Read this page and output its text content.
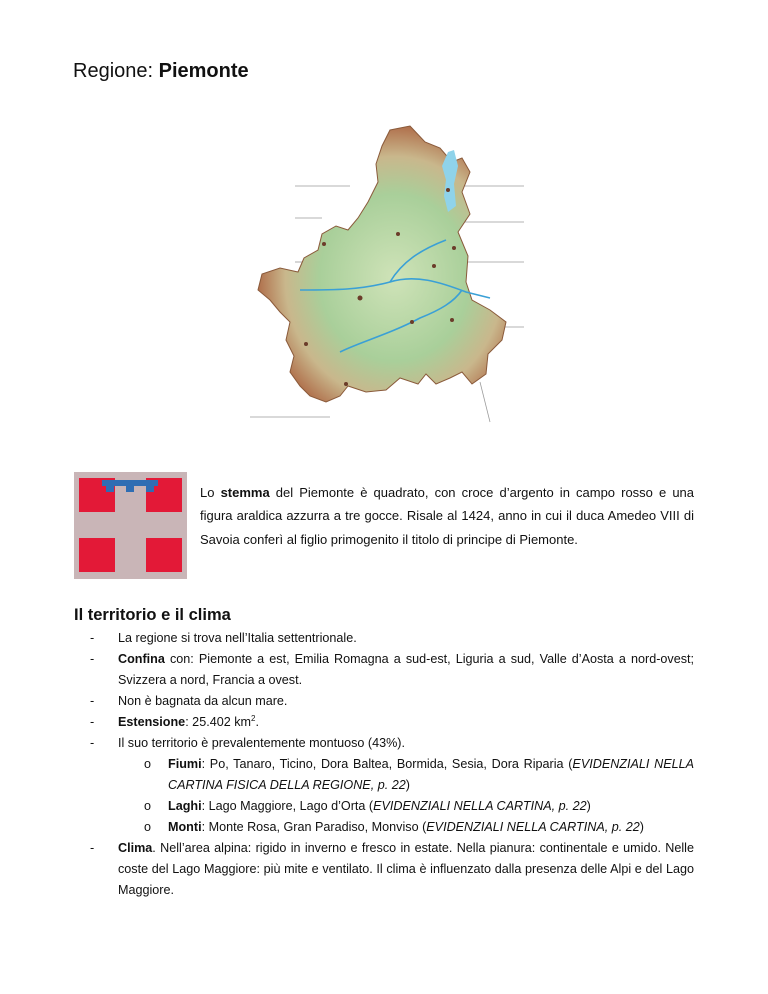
Regione: Piemonte
Lo stemma del Piemonte è quadrato, con croce d’argento in campo rosso e una figura araldica azzurra a tre gocce. Risale al 1424, anno in cui il duca Amedeo VIII di Savoia conferì al figlio primogenito il titolo di principe di Piemonte.
Il territorio e il clima
- La regione si trova nell’Italia settentrionale.
- Confina con: Piemonte a est, Emilia Romagna a sud-est, Liguria a sud, Valle d’Aosta a nord-ovest; Svizzera a nord, Francia a ovest.
- Non è bagnata da alcun mare.
- Estensione: 25.402 $km^2$.
- Il suo territorio è prevalentemente montuoso (43%).
o Fiumi: Po, Tanaro, Ticino, Dora Baltea, Bormida, Sesia, Dora Riparia (EVIDENZIALI NELLA CARTINA FISICA DELLA REGIONE, p. 22)
o Laghi: Lago Maggiore, Lago d’Orta (EVIDENZIALI NELLA CARTINA, p. 22)
o Monti: Monte Rosa, Gran Paradiso, Monviso (EVIDENZIALI NELLA CARTINA, p. 22)
- Clima. Nell’area alpina: rigido in inverno e fresco in estate. Nella pianura: continentale e umido. Nelle coste del Lago Maggiore: più mite e ventilato. Il clima è influenzato dalla presenza delle Alpi e del Lago Maggiore.
